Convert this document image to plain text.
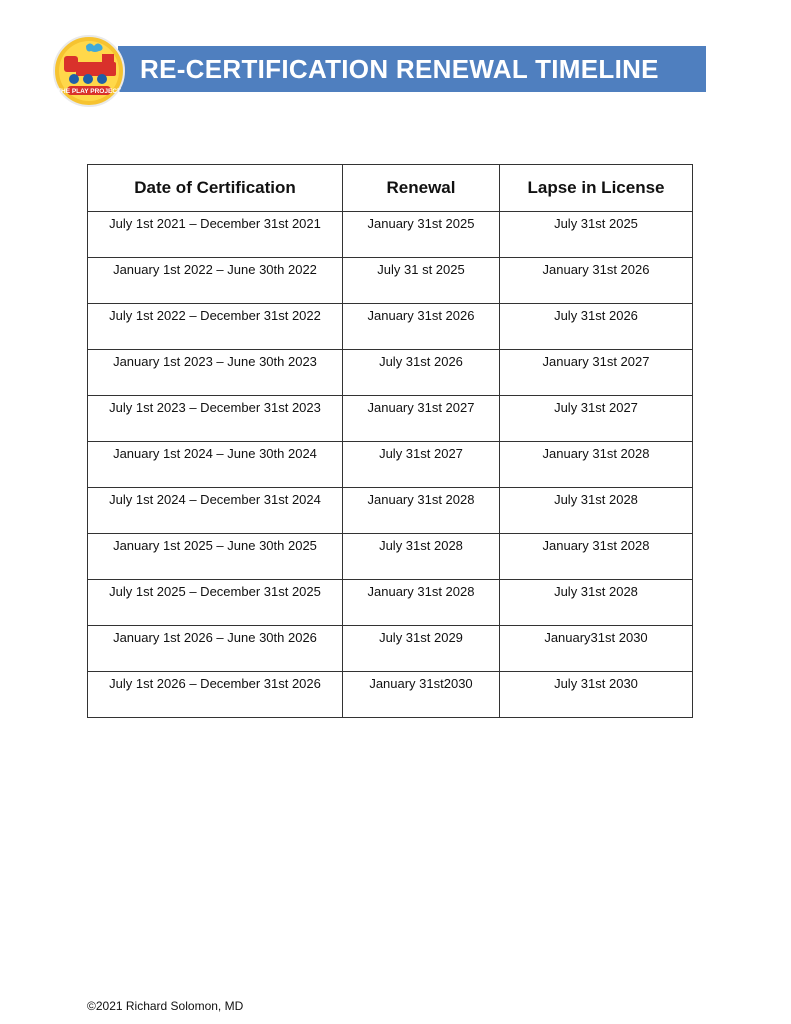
THE PLAY PROJECT
RE-CERTIFICATION RENEWAL TIMELINE
Date of Certification	Renewal	Lapse in License
July 1st 2021 – December 31st 2021	January 31st 2025	July 31st 2025
January 1st 2022 – June 30th 2022	July 31 st 2025	January 31st 2026
July 1st 2022 – December 31st 2022	January 31st 2026	July 31st 2026
January 1st 2023 – June 30th 2023	July 31st 2026	January 31st 2027
July 1st 2023 – December 31st 2023	January 31st 2027	July 31st 2027
January 1st 2024 – June 30th 2024	July 31st 2027	January 31st 2028
July 1st 2024 – December 31st 2024	January 31st 2028	July 31st 2028
January 1st 2025 – June 30th 2025	July 31st 2028	January 31st 2028
July 1st 2025 – December 31st 2025	January 31st 2028	July 31st 2028
January 1st 2026 – June 30th 2026	July 31st 2029	January31st 2030
July 1st 2026 – December 31st 2026	January 31st2030	July 31st 2030
©2021 Richard Solomon, MD
